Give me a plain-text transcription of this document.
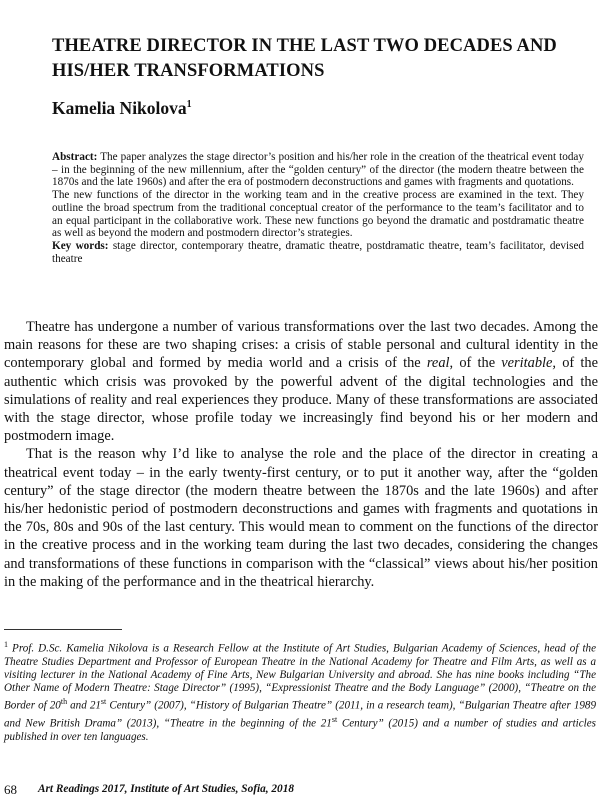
THEATRE DIRECTOR IN THE LAST TWO DECADES AND HIS/HER TRANSFORMATIONS
Kamelia Nikolova$^1$

Abstract: The paper analyzes the stage director’s position and his/her role in the creation of the theatrical event today – in the beginning of the new millennium, after the “golden century” of the director (the modern theatre between the 1870s and the late 1960s) and after the era of postmodern deconstructions and games with fragments and quotations.

The new functions of the director in the working team and in the creative process are examined in the text. They outline the broad spectrum from the traditional conceptual creator of the performance to the team’s facilitator and to an equal participant in the collaborative work. These new functions go beyond the dramatic and postdramatic theatre as well as beyond the modern and postmodern director’s strategies.

Key words: stage director, contemporary theatre, dramatic theatre, postdramatic theatre, team’s facilitator, devised theatre

Theatre has undergone a number of various transformations over the last two decades. Among the main reasons for these are two shaping crises: a crisis of stable personal and cultural identity in the contemporary global and formed by media world and a crisis of the real, of the veritable, of the authentic which crisis was provoked by the powerful advent of the digital technologies and the simulations of reality and real experiences they produce. Many of these transformations are associated with the stage director, whose profile today we increasingly find beyond his or her modern and postmodern image.

That is the reason why I’d like to analyse the role and the place of the director in creating a theatrical event today – in the early twenty-first century, or to put it another way, after the “golden century” of the stage director (the modern theatre between the 1870s and the late 1960s) and after his/her hedonistic period of postmodern deconstructions and games with fragments and quotations in the 70s, 80s and 90s of the last century. This would mean to comment on the functions of the director in the creative process and in the working team during the last two decades, considering the changes and transformations of these functions in comparison with the “classical” views about his/her position in the making of the performance and in the theatrical hierarchy.

$^1$ Prof. D.Sc. Kamelia Nikolova is a Research Fellow at the Institute of Art Studies, Bulgarian Academy of Sciences, head of the Theatre Studies Department and Professor of European Theatre in the National Academy for Theatre and Film Arts, as well as a visiting lecturer in the National Academy of Fine Arts, New Bulgarian University and abroad. She has nine books including “The Other Name of Modern Theatre: Stage Director” (1995), “Expressionist Theatre and the Body Language” (2000), “Theatre on the Border of 20th and 21st Century” (2007), “History of Bulgarian Theatre” (2011, in a research team), “Bulgarian Theatre after 1989 and New British Drama” (2013), “Theatre in the beginning of the 21st Century” (2015) and a number of studies and articles published in over ten languages.
68 Art Readings 2017, Institute of Art Studies, Sofia, 2018
